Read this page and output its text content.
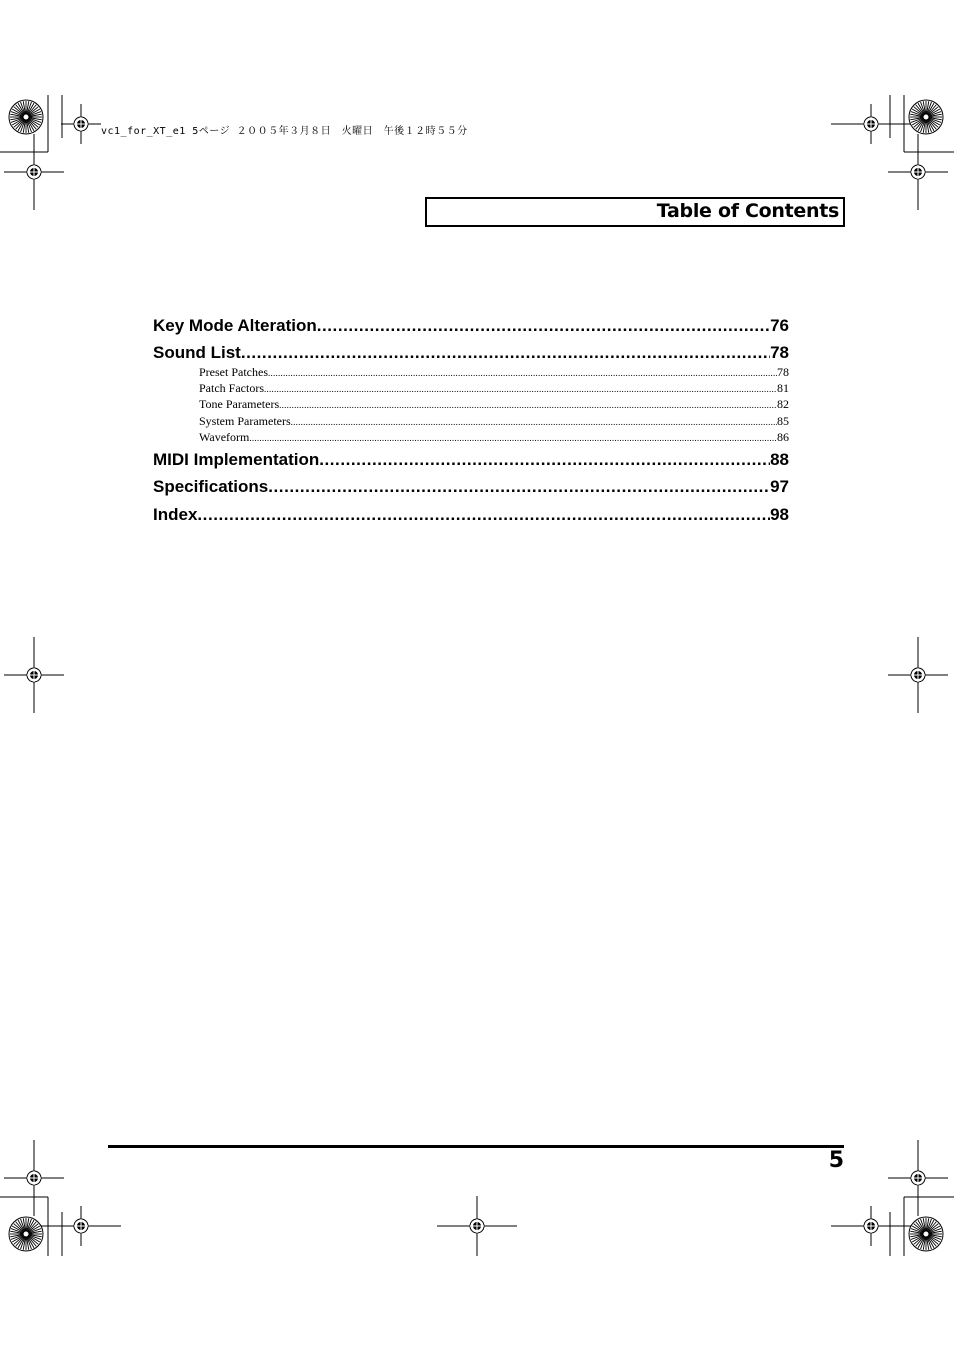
vc1_for_XT_e1 5ページ ２００５年３月８日　火曜日　午後１２時５５分
Table of Contents
Key Mode Alteration .....	76
Sound List .....	78
Preset Patches .....	78
Patch Factors .....	81
Tone Parameters .....	82
System Parameters .....	85
Waveform .....	86
MIDI Implementation .....	88
Specifications .....	97
Index .....	98
5
